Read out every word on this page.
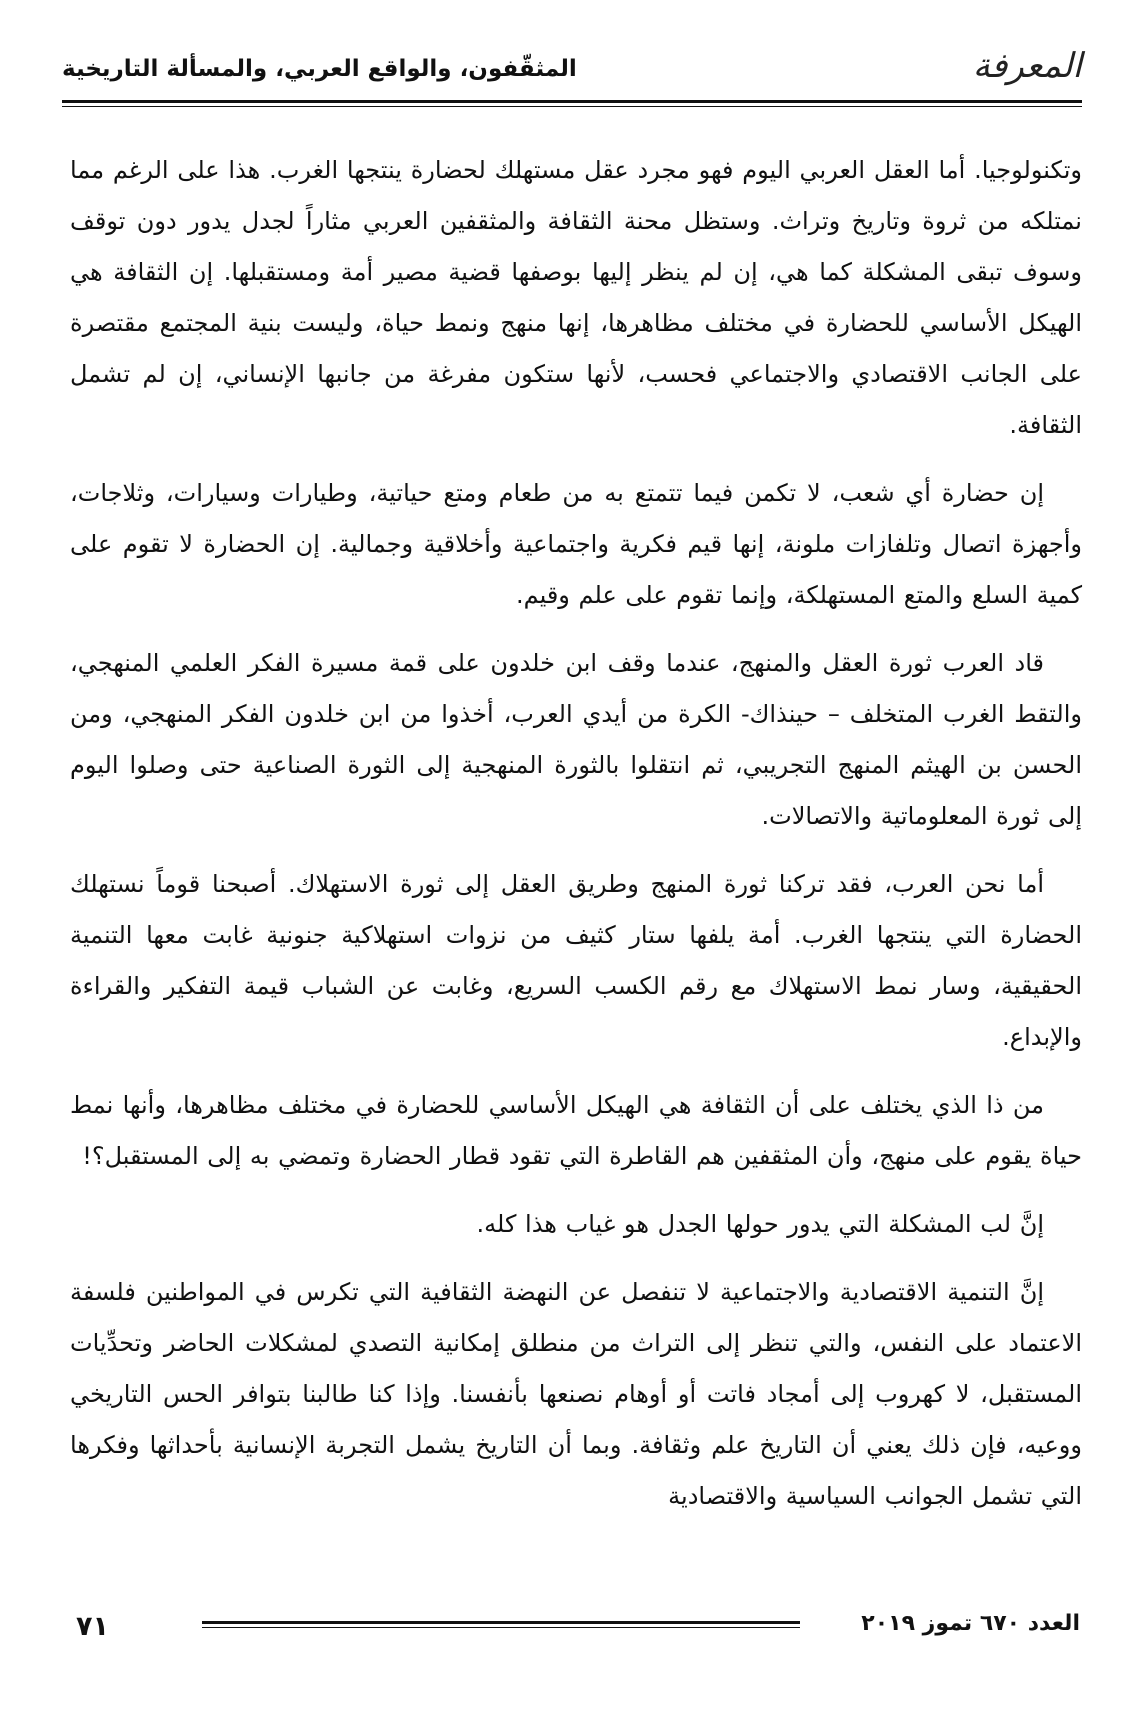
المثقّفون، والواقع العربي، والمسألة التاريخية	المعرفة

وتكنولوجيا. أما العقل العربي اليوم فهو مجرد عقل مستهلك لحضارة ينتجها الغرب. هذا على الرغم مما نمتلكه من ثروة وتاريخ وتراث. وستظل محنة الثقافة والمثقفين العربي مثاراً لجدل يدور دون توقف وسوف تبقى المشكلة كما هي، إن لم ينظر إليها بوصفها قضية مصير أمة ومستقبلها. إن الثقافة هي الهيكل الأساسي للحضارة في مختلف مظاهرها، إنها منهج ونمط حياة، وليست بنية المجتمع مقتصرة على الجانب الاقتصادي والاجتماعي فحسب، لأنها ستكون مفرغة من جانبها الإنساني، إن لم تشمل الثقافة.

إن حضارة أي شعب، لا تكمن فيما تتمتع به من طعام ومتع حياتية، وطيارات وسيارات، وثلاجات، وأجهزة اتصال وتلفازات ملونة، إنها قيم فكرية واجتماعية وأخلاقية وجمالية. إن الحضارة لا تقوم على كمية السلع والمتع المستهلكة، وإنما تقوم على علم وقيم.

قاد العرب ثورة العقل والمنهج، عندما وقف ابن خلدون على قمة مسيرة الفكر العلمي المنهجي، والتقط الغرب المتخلف – حينذاك- الكرة من أيدي العرب، أخذوا من ابن خلدون الفكر المنهجي، ومن الحسن بن الهيثم المنهج التجريبي، ثم انتقلوا بالثورة المنهجية إلى الثورة الصناعية حتى وصلوا اليوم إلى ثورة المعلوماتية والاتصالات.

أما نحن العرب، فقد تركنا ثورة المنهج وطريق العقل إلى ثورة الاستهلاك. أصبحنا قوماً نستهلك الحضارة التي ينتجها الغرب. أمة يلفها ستار كثيف من نزوات استهلاكية جنونية غابت معها التنمية الحقيقية، وسار نمط الاستهلاك مع رقم الكسب السريع، وغابت عن الشباب قيمة التفكير والقراءة والإبداع.

من ذا الذي يختلف على أن الثقافة هي الهيكل الأساسي للحضارة في مختلف مظاهرها، وأنها نمط حياة يقوم على منهج، وأن المثقفين هم القاطرة التي تقود قطار الحضارة وتمضي به إلى المستقبل؟!

إنَّ لب المشكلة التي يدور حولها الجدل هو غياب هذا كله.

إنَّ التنمية الاقتصادية والاجتماعية لا تنفصل عن النهضة الثقافية التي تكرس في المواطنين فلسفة الاعتماد على النفس، والتي تنظر إلى التراث من منطلق إمكانية التصدي لمشكلات الحاضر وتحدِّيات المستقبل، لا كهروب إلى أمجاد فاتت أو أوهام نصنعها بأنفسنا. وإذا كنا طالبنا بتوافر الحس التاريخي ووعيه، فإن ذلك يعني أن التاريخ علم وثقافة. وبما أن التاريخ يشمل التجربة الإنسانية بأحداثها وفكرها التي تشمل الجوانب السياسية والاقتصادية

٧١	العدد ٦٧٠ تموز ٢٠١٩
